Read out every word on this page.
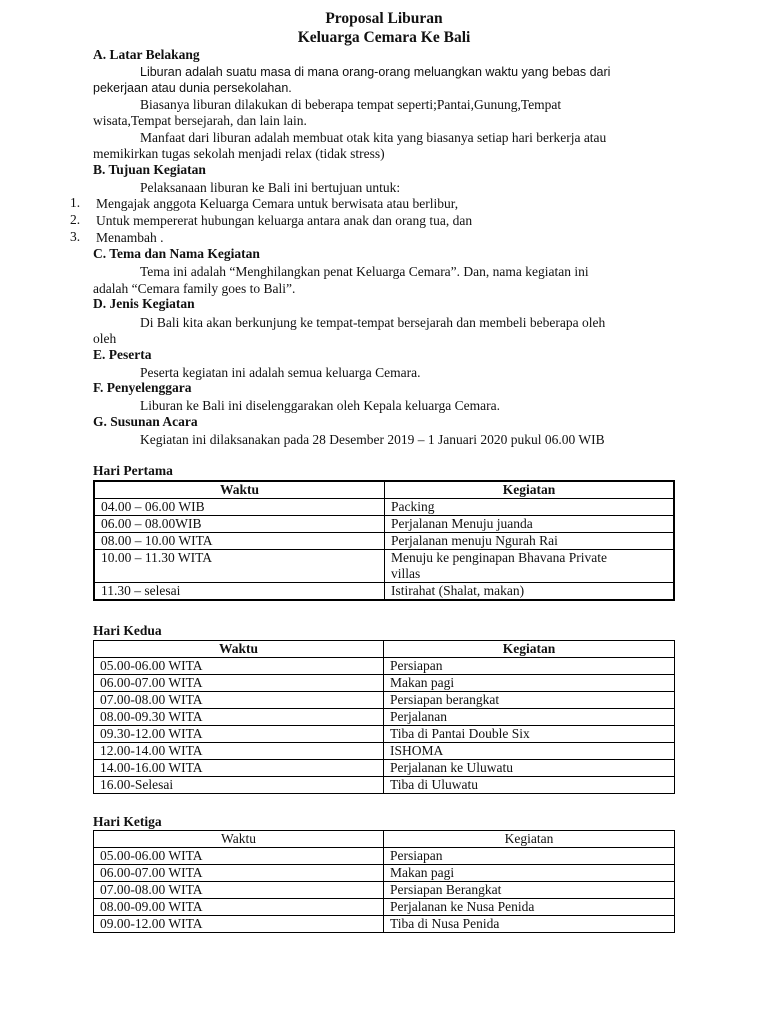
Proposal Liburan
Keluarga Cemara Ke Bali
A. Latar Belakang
Liburan adalah suatu masa di mana orang-orang meluangkan waktu yang bebas dari
pekerjaan atau dunia persekolahan.
Biasanya liburan dilakukan di beberapa tempat seperti;Pantai,Gunung,Tempat
wisata,Tempat bersejarah, dan lain lain.
Manfaat dari liburan adalah membuat otak kita yang biasanya setiap hari berkerja atau
memikirkan tugas sekolah menjadi relax (tidak stress)
B. Tujuan Kegiatan
Pelaksanaan liburan ke Bali ini bertujuan untuk:
1. Mengajak anggota Keluarga Cemara untuk berwisata atau berlibur,
2. Untuk mempererat hubungan keluarga antara anak dan orang tua, dan
3. Menambah .
C. Tema dan Nama Kegiatan
Tema ini adalah “Menghilangkan penat Keluarga Cemara”. Dan, nama kegiatan ini
adalah “Cemara family goes to Bali”.
D. Jenis Kegiatan
Di Bali kita akan berkunjung ke tempat-tempat bersejarah dan membeli beberapa oleh
oleh
E. Peserta
Peserta kegiatan ini adalah semua keluarga Cemara.
F. Penyelenggara
Liburan ke Bali ini diselenggarakan oleh Kepala keluarga Cemara.
G. Susunan Acara
Kegiatan ini dilaksanakan pada 28 Desember 2019 – 1 Januari 2020 pukul 06.00 WIB
Hari Pertama
Waktu	Kegiatan
04.00 – 06.00 WIB	Packing
06.00 – 08.00WIB	Perjalanan Menuju juanda
08.00 – 10.00 WITA	Perjalanan menuju Ngurah Rai
10.00 – 11.30 WITA	Menuju ke penginapan Bhavana Private villas
11.30 – selesai	Istirahat (Shalat, makan)
Hari Kedua
Waktu	Kegiatan
05.00-06.00 WITA	Persiapan
06.00-07.00 WITA	Makan pagi
07.00-08.00 WITA	Persiapan berangkat
08.00-09.30 WITA	Perjalanan
09.30-12.00 WITA	Tiba di Pantai Double Six
12.00-14.00 WITA	ISHOMA
14.00-16.00 WITA	Perjalanan ke Uluwatu
16.00-Selesai	Tiba di Uluwatu
Hari Ketiga
Waktu	Kegiatan
05.00-06.00 WITA	Persiapan
06.00-07.00 WITA	Makan pagi
07.00-08.00 WITA	Persiapan Berangkat
08.00-09.00 WITA	Perjalanan ke Nusa Penida
09.00-12.00 WITA	Tiba di Nusa Penida
